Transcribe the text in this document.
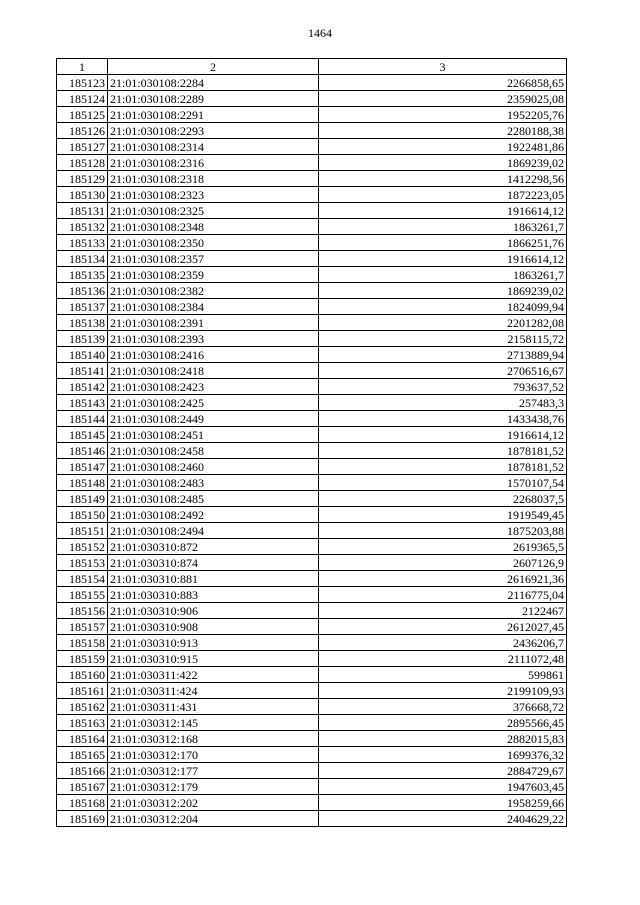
1464
1	2	3
185123	21:01:030108:2284	2266858,65
185124	21:01:030108:2289	2359025,08
185125	21:01:030108:2291	1952205,76
185126	21:01:030108:2293	2280188,38
185127	21:01:030108:2314	1922481,86
185128	21:01:030108:2316	1869239,02
185129	21:01:030108:2318	1412298,56
185130	21:01:030108:2323	1872223,05
185131	21:01:030108:2325	1916614,12
185132	21:01:030108:2348	1863261,7
185133	21:01:030108:2350	1866251,76
185134	21:01:030108:2357	1916614,12
185135	21:01:030108:2359	1863261,7
185136	21:01:030108:2382	1869239,02
185137	21:01:030108:2384	1824099,94
185138	21:01:030108:2391	2201282,08
185139	21:01:030108:2393	2158115,72
185140	21:01:030108:2416	2713889,94
185141	21:01:030108:2418	2706516,67
185142	21:01:030108:2423	793637,52
185143	21:01:030108:2425	257483,3
185144	21:01:030108:2449	1433438,76
185145	21:01:030108:2451	1916614,12
185146	21:01:030108:2458	1878181,52
185147	21:01:030108:2460	1878181,52
185148	21:01:030108:2483	1570107,54
185149	21:01:030108:2485	2268037,5
185150	21:01:030108:2492	1919549,45
185151	21:01:030108:2494	1875203,88
185152	21:01:030310:872	2619365,5
185153	21:01:030310:874	2607126,9
185154	21:01:030310:881	2616921,36
185155	21:01:030310:883	2116775,04
185156	21:01:030310:906	2122467
185157	21:01:030310:908	2612027,45
185158	21:01:030310:913	2436206,7
185159	21:01:030310:915	2111072,48
185160	21:01:030311:422	599861
185161	21:01:030311:424	2199109,93
185162	21:01:030311:431	376668,72
185163	21:01:030312:145	2895566,45
185164	21:01:030312:168	2882015,83
185165	21:01:030312:170	1699376,32
185166	21:01:030312:177	2884729,67
185167	21:01:030312:179	1947603,45
185168	21:01:030312:202	1958259,66
185169	21:01:030312:204	2404629,22
